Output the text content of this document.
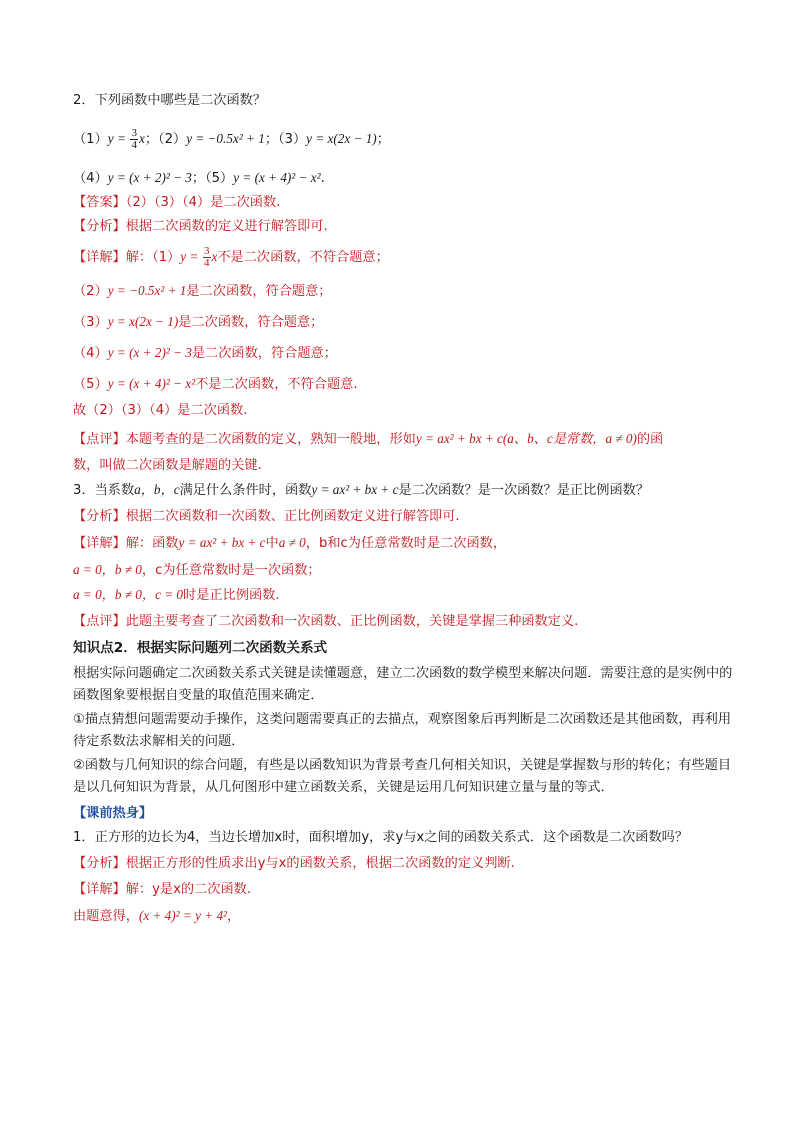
2．下列函数中哪些是二次函数？

$(1)y = \frac{3}{4}$ x；（2）y = −0.5x² + 1；（3）y = x(2x − 1)；

（4）y = (x + 2)² − 3；（5）y = (x + 4)² − x².

【答案】（2）（3）（4）是二次函数.

【分析】根据二次函数的定义进行解答即可.

【详解】解：$(1)y = \frac{3}{4}$ x不是二次函数，不符合题意；

（2）y = −0.5x² + 1是二次函数，符合题意；

（3）y = x(2x − 1)是二次函数，符合题意；

（4）y = (x + 2)² − 3是二次函数，符合题意；

（5）y = (x + 4)² − x²不是二次函数，不符合题意.

故（2）（3）（4）是二次函数.

【点评】本题考查的是二次函数的定义，熟知一般地，形如y = ax² + bx + c(a、b、c是常数，a ≠ 0)的函

数，叫做二次函数是解题的关键.

3．当系数a，b，c满足什么条件时，函数y = ax² + bx + c是二次函数？是一次函数？是正比例函数？

【分析】根据二次函数和一次函数、正比例函数定义进行解答即可.

【详解】解：函数y = ax² + bx + c中a ≠ 0，b和c为任意常数时是二次函数，

a = 0，b ≠ 0，c为任意常数时是一次函数；

a = 0，b ≠ 0，c = 0时是正比例函数.

【点评】此题主要考查了二次函数和一次函数、正比例函数，关键是掌握三种函数定义.

知识点2．根据实际问题列二次函数关系式

根据实际问题确定二次函数关系式关键是读懂题意，建立二次函数的数学模型来解决问题．需要注意的是实例中的函数图象要根据自变量的取值范围来确定．

①描点猜想问题需要动手操作，这类问题需要真正的去描点，观察图象后再判断是二次函数还是其他函数，再利用待定系数法求解相关的问题．

②函数与几何知识的综合问题，有些是以函数知识为背景考查几何相关知识，关键是掌握数与形的转化；有些题目是以几何知识为背景，从几何图形中建立函数关系，关键是运用几何知识建立量与量的等式．

【课前热身】

1．正方形的边长为4，当边长增加x时，面积增加y，求y与x之间的函数关系式．这个函数是二次函数吗？

【分析】根据正方形的性质求出y与x的函数关系，根据二次函数的定义判断.

【详解】解：y是x的二次函数.

由题意得，(x + 4)² = y + 4²，
